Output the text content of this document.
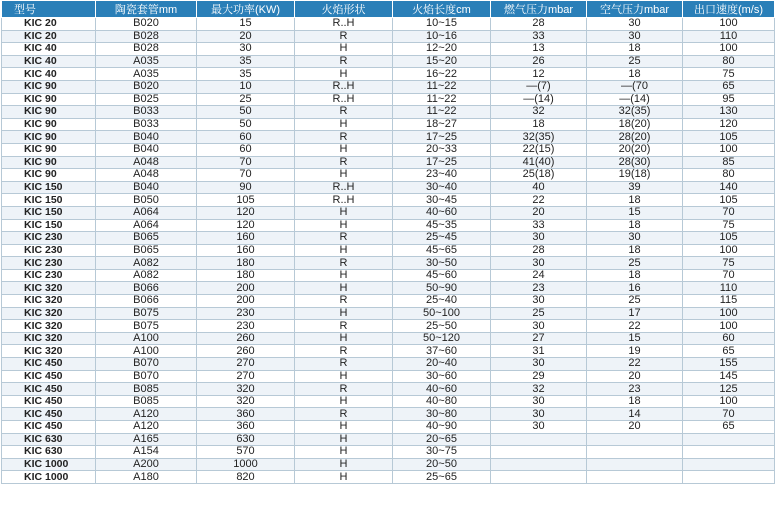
型号	陶瓷套管mm	最大功率(KW)	火焰形状	火焰长度cm	燃气压力mbar	空气压力mbar	出口速度(m/s)
KIC 20	B020	15	R..H	10~15	28	30	100
KIC 20	B028	20	R	10~16	33	30	110
KIC 40	B028	30	H	12~20	13	18	100
KIC 40	A035	35	R	15~20	26	25	80
KIC 40	A035	35	H	16~22	12	18	75
KIC 90	B020	10	R..H	11~22	—(7)	—(70	65
KIC 90	B025	25	R..H	11~22	—(14)	—(14)	95
KIC 90	B033	50	R	11~22	32	32(35)	130
KIC 90	B033	50	H	18~27	18	18(20)	120
KIC 90	B040	60	R	17~25	32(35)	28(20)	105
KIC 90	B040	60	H	20~33	22(15)	20(20)	100
KIC 90	A048	70	R	17~25	41(40)	28(30)	85
KIC 90	A048	70	H	23~40	25(18)	19(18)	80
KIC 150	B040	90	R..H	30~40	40	39	140
KIC 150	B050	105	R..H	30~45	22	18	105
KIC 150	A064	120	H	40~60	20	15	70
KIC 150	A064	120	H	45~35	33	18	75
KIC 230	B065	160	R	25~45	30	30	105
KIC 230	B065	160	H	45~65	28	18	100
KIC 230	A082	180	R	30~50	30	25	75
KIC 230	A082	180	H	45~60	24	18	70
KIC 320	B066	200	H	50~90	23	16	110
KIC 320	B066	200	R	25~40	30	25	115
KIC 320	B075	230	H	50~100	25	17	100
KIC 320	B075	230	R	25~50	30	22	100
KIC 320	A100	260	H	50~120	27	15	60
KIC 320	A100	260	R	37~60	31	19	65
KIC 450	B070	270	R	20~40	30	22	155
KIC 450	B070	270	H	30~60	29	20	145
KIC 450	B085	320	R	40~60	32	23	125
KIC 450	B085	320	H	40~80	30	18	100
KIC 450	A120	360	R	30~80	30	14	70
KIC 450	A120	360	H	40~90	30	20	65
KIC 630	A165	630	H	20~65			
KIC 630	A154	570	H	30~75			
KIC 1000	A200	1000	H	20~50			
KIC 1000	A180	820	H	25~65			
